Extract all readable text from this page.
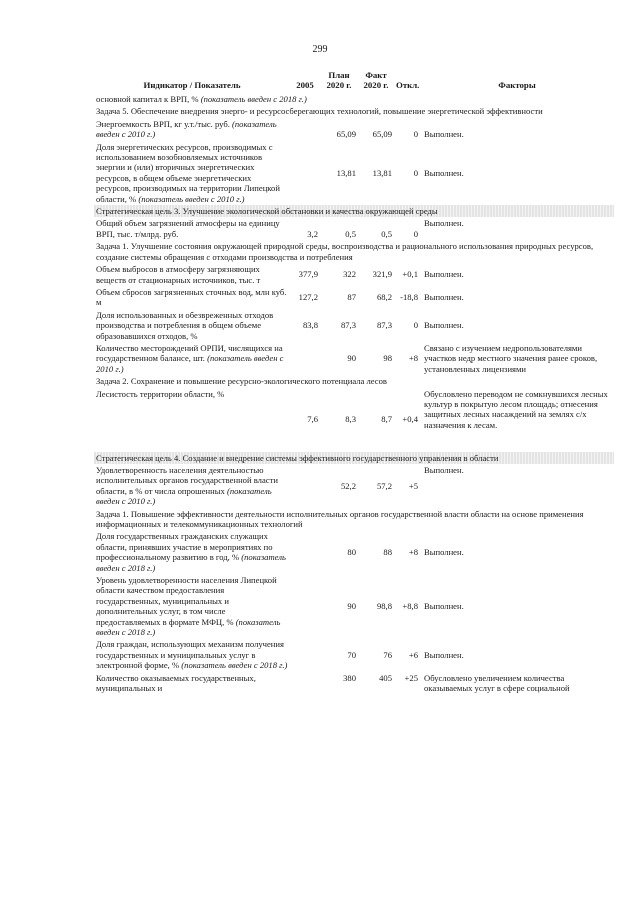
299
Индикатор / Показатель	2005	План 2020 г.	Факт 2020 г.	Откл.	Факторы
основной капитал к ВРП, % (показатель введен с 2018 г.)					
Задача 5. Обеспечение внедрения энерго- и ресурсосберегающих технологий, повышение энергетической эффективности					
Энергоемкость ВРП, кг у.т./тыс. руб. (показатель введен с 2010 г.)		65,09	65,09	0	Выполнен.
Доля энергетических ресурсов, производимых с использованием возобновляемых источников энергии и (или) вторичных энергетических ресурсов, в общем объеме энергетических ресурсов, производимых на территории Липецкой области, % (показатель введен с 2010 г.)		13,81	13,81	0	Выполнен.
Стратегическая цель 3. Улучшение экологической обстановки и качества окружающей среды					
Общий объем загрязнений атмосферы на единицу ВРП, тыс. т/млрд. руб.	3,2	0,5	0,5	0	Выполнен.
Задача 1. Улучшение состояния окружающей природной среды, воспроизводства и рационального использования природных ресурсов, создание системы обращения с отходами производства и потребления					
Объем выбросов в атмосферу загрязняющих веществ от стационарных источников, тыс. т	377,9	322	321,9	+0,1	Выполнен.
Объем сбросов загрязненных сточных вод, млн куб. м	127,2	87	68,2	-18,8	Выполнен.
Доля использованных и обезвреженных отходов производства и потребления в общем объеме образовавшихся отходов, %	83,8	87,3	87,3	0	Выполнен.
Количество месторождений ОРПИ, числящихся на государственном балансе, шт. (показатель введен с 2010 г.)		90	98	+8	Связано с изучением недропользователями участков недр местного значения ранее сроков, установленных лицензиями
Задача 2. Сохранение и повышение ресурсно-экологического потенциала лесов					
Лесистость территории области, %	7,6	8,3	8,7	+0,4	Обусловлено переводом не сомкнувшихся лесных культур в покрытую лесом площадь; отнесения защитных лесных насаждений на землях с/х назначения к лесам.
Стратегическая цель 4. Создание и внедрение системы эффективного государственного управления в области					
Удовлетворенность населения деятельностью исполнительных органов государственной власти области, в % от числа опрошенных (показатель введен с 2010 г.)		52,2	57,2	+5	Выполнен.
Задача 1. Повышение эффективности деятельности исполнительных органов государственной власти области на основе применения информационных и телекоммуникационных технологий					
Доля государственных гражданских служащих области, принявших участие в мероприятиях по профессиональному развитию в год, % (показатель введен с 2018 г.)		80	88	+8	Выполнен.
Уровень удовлетворенности населения Липецкой области качеством предоставления государственных, муниципальных и дополнительных услуг, в том числе предоставляемых в формате МФЦ, % (показатель введен с 2018 г.)		90	98,8	+8,8	Выполнен.
Доля граждан, использующих механизм получения государственных и муниципальных услуг в электронной форме, % (показатель введен с 2018 г.)		70	76	+6	Выполнен.
Количество оказываемых государственных, муниципальных и		380	405	+25	Обусловлено увеличением количества оказываемых услуг в сфере социальной
